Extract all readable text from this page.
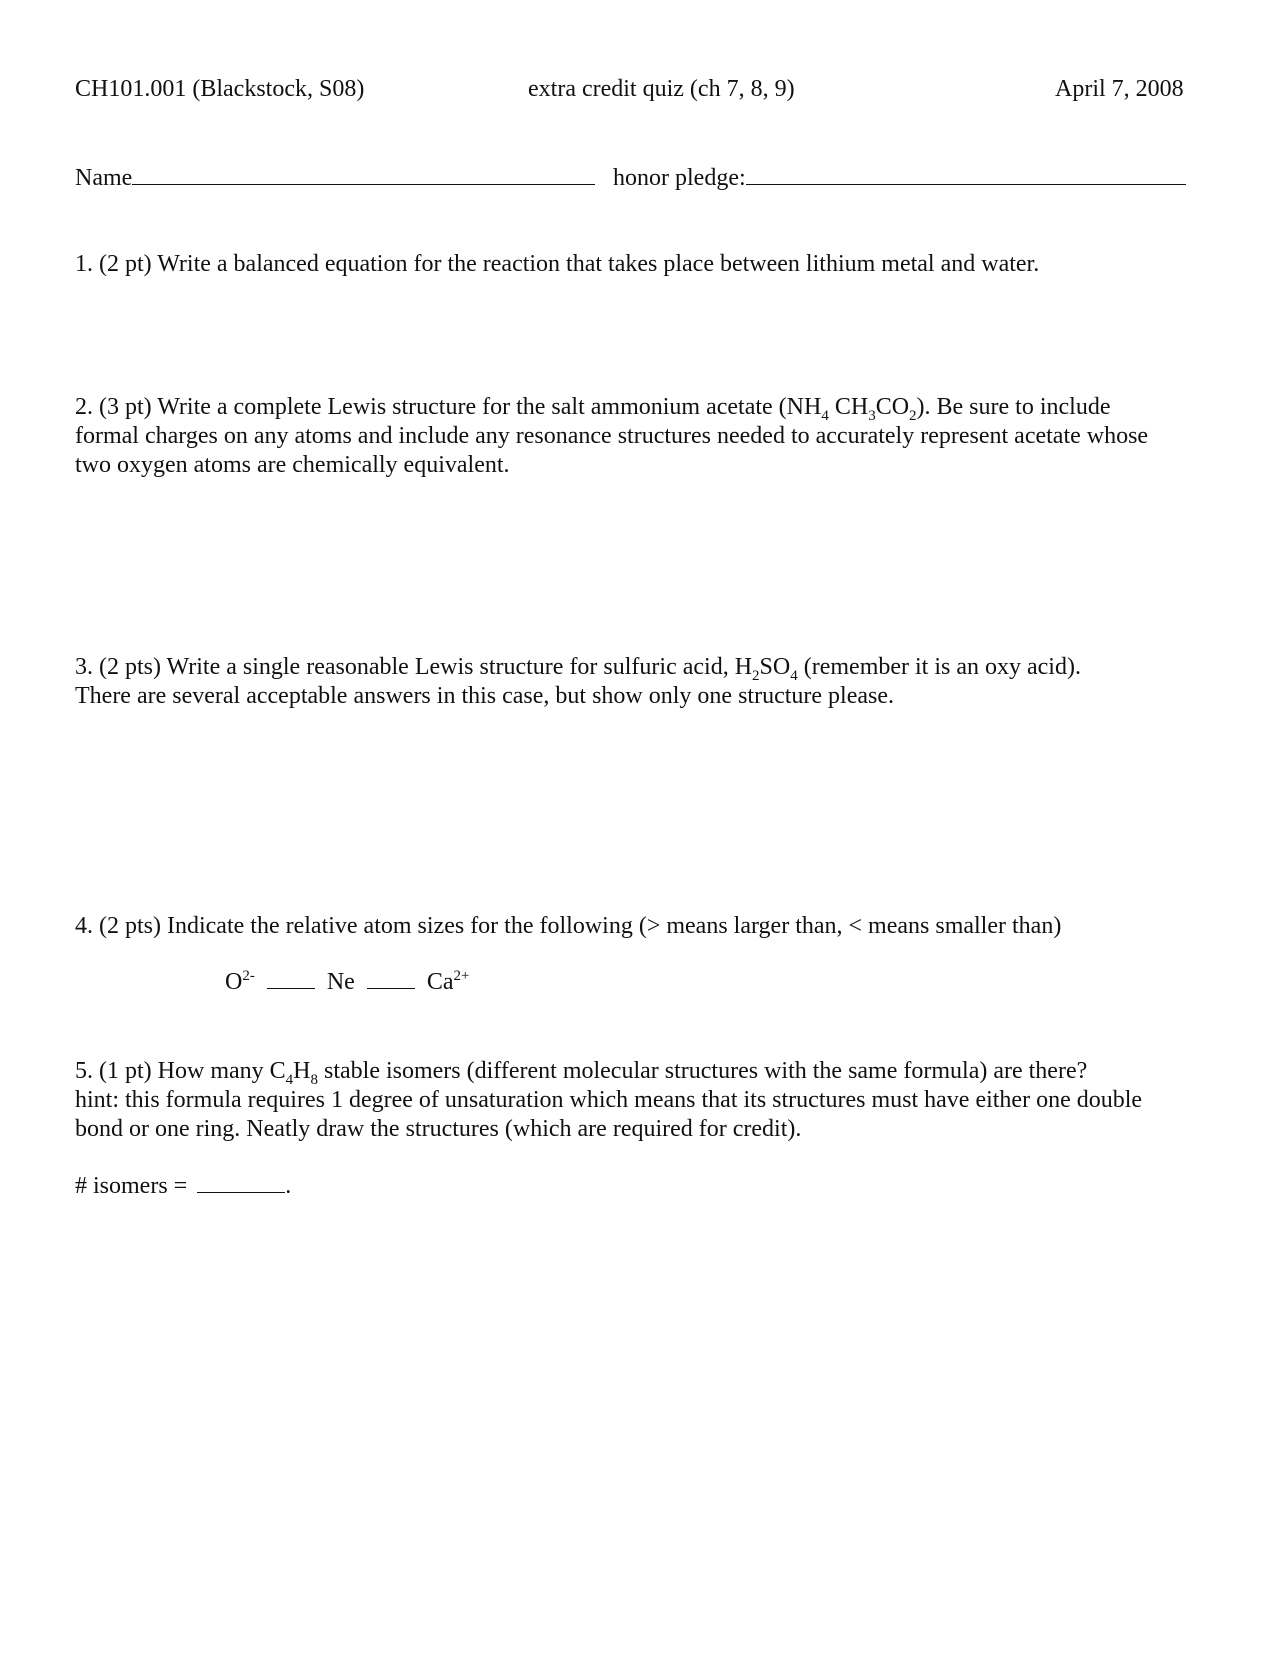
CH101.001 (Blackstock, S08)	extra credit quiz (ch 7, 8, 9)	April 7, 2008
Name	honor pledge:
1. (2 pt) Write a balanced equation for the reaction that takes place between lithium metal and water.
2. (3 pt) Write a complete Lewis structure for the salt ammonium acetate ($NH_4$ $CH_3CO_2$). Be sure to include
formal charges on any atoms and include any resonance structures needed to accurately represent acetate whose
two oxygen atoms are chemically equivalent.
3. (2 pts) Write a single reasonable Lewis structure for sulfuric acid, $H_2SO_4$ (remember it is an oxy acid).
There are several acceptable answers in this case, but show only one structure please.
4. (2 pts) Indicate the relative atom sizes for the following (> means larger than, < means smaller than)
$O^{2-}$	Ne	$Ca^{2+}$
5. (1 pt) How many $C_4H_8$ stable isomers (different molecular structures with the same formula) are there?
hint: this formula requires 1 degree of unsaturation which means that its structures must have either one double
bond or one ring. Neatly draw the structures (which are required for credit).
# isomers =	.
